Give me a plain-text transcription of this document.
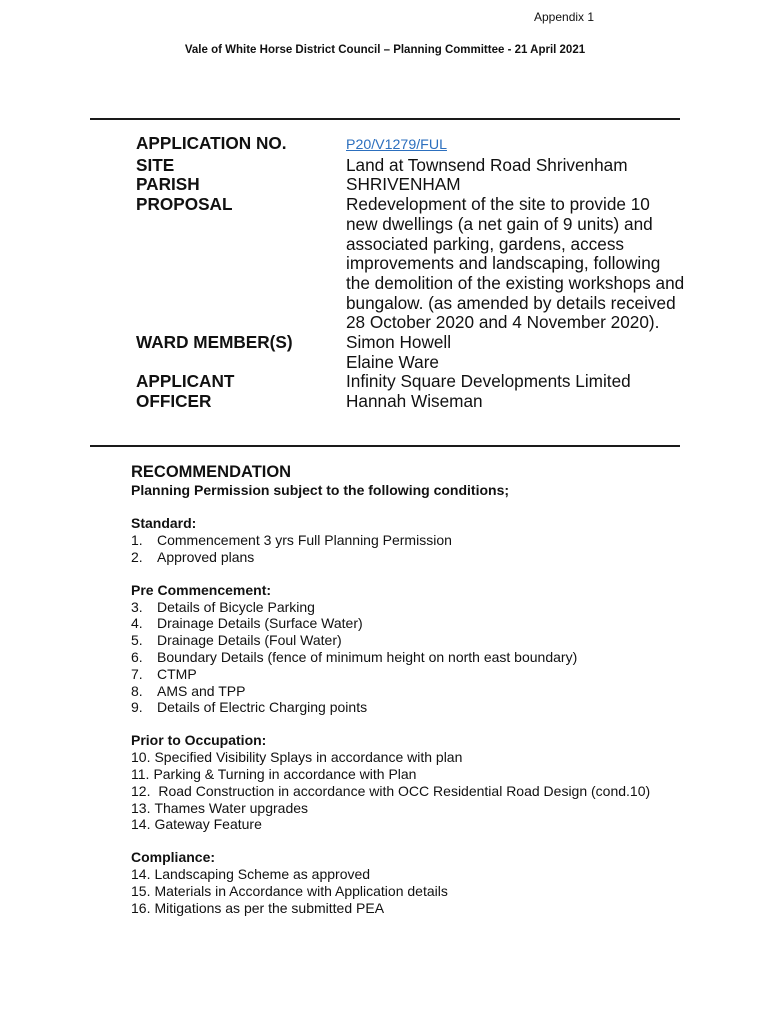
Appendix 1

Vale of White Horse District Council – Planning Committee - 21 April 2021

APPLICATION NO.	P20/V1279/FUL
SITE	Land at Townsend Road Shrivenham
PARISH	SHRIVENHAM
PROPOSAL	Redevelopment of the site to provide 10 new dwellings (a net gain of 9 units) and associated parking, gardens, access improvements and landscaping, following the demolition of the existing workshops and bungalow. (as amended by details received 28 October 2020 and 4 November 2020).
WARD MEMBER(S)	Simon Howell
Elaine Ware
APPLICANT	Infinity Square Developments Limited
OFFICER	Hannah Wiseman

RECOMMENDATION

Planning Permission subject to the following conditions;

Standard:

1.	Commencement 3 yrs Full Planning Permission
2.	Approved plans

Pre Commencement:

3.	Details of Bicycle Parking
4.	Drainage Details (Surface Water)
5.	Drainage Details (Foul Water)
6.	Boundary Details (fence of minimum height on north east boundary)
7.	CTMP
8.	AMS and TPP
9.	Details of Electric Charging points

Prior to Occupation:

10. Specified Visibility Splays in accordance with plan
11. Parking & Turning in accordance with Plan
12. Road Construction in accordance with OCC Residential Road Design (cond.10)
13. Thames Water upgrades
14. Gateway Feature

Compliance:

14. Landscaping Scheme as approved
15. Materials in Accordance with Application details
16. Mitigations as per the submitted PEA
